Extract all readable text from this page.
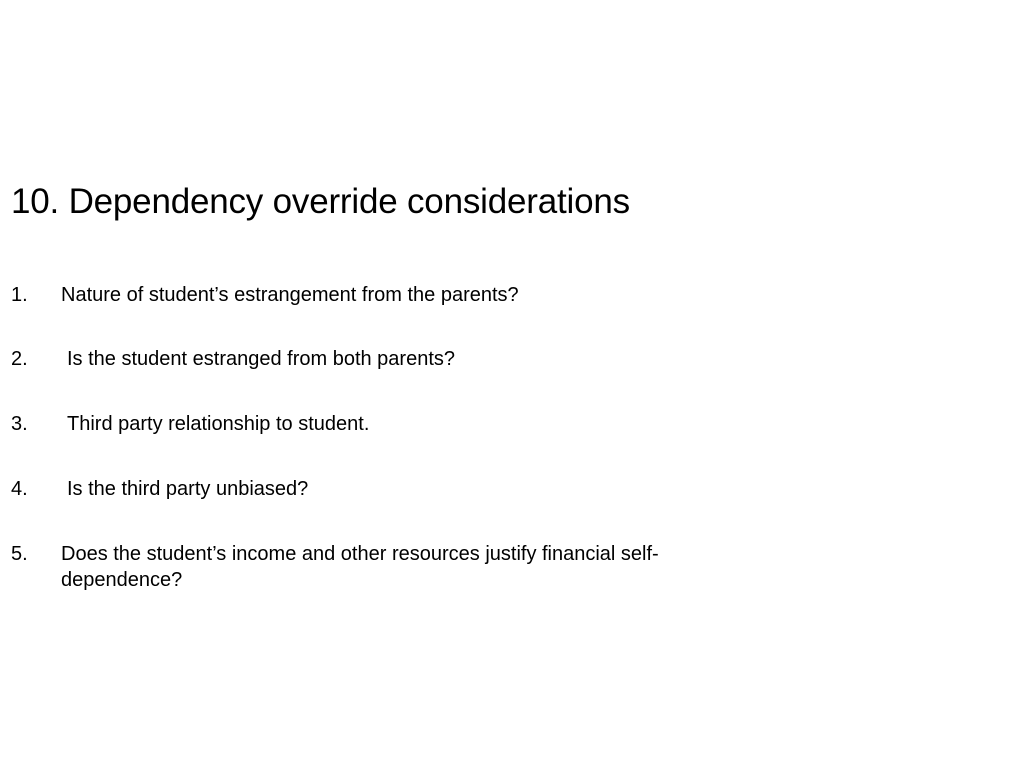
10. Dependency override considerations
1. Nature of student’s estrangement from the parents?
2. Is the student estranged from both parents?
3. Third party relationship to student.
4. Is the third party unbiased?
5. Does the student’s income and other resources justify financial self-
dependence?
